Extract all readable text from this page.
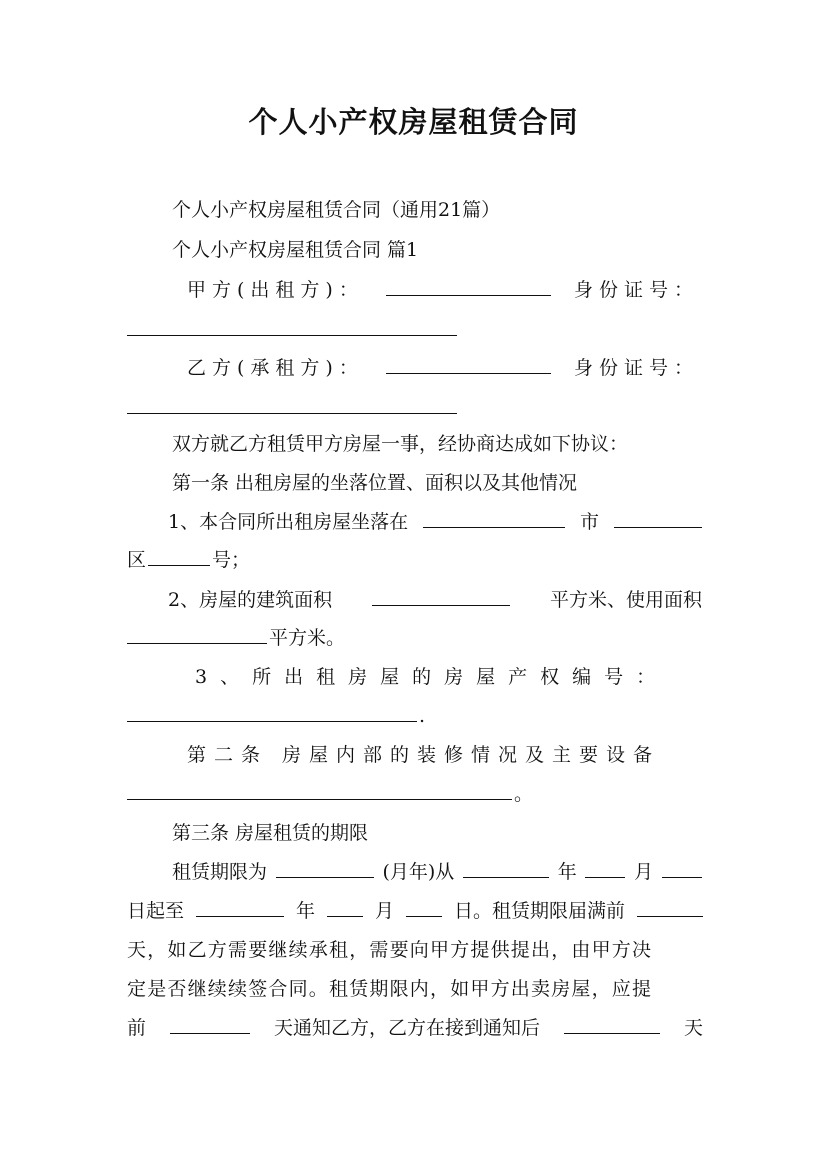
个人小产权房屋租赁合同
个人小产权房屋租赁合同（通用21篇）
个人小产权房屋租赁合同 篇1
甲方(出租方)：	身份证号：
乙方(承租方)：	身份证号：
双方就乙方租赁甲方房屋一事，经协商达成如下协议：
第一条 出租房屋的坐落位置、面积以及其他情况
1、本合同所出租房屋坐落在	市
区	号；
2、房屋的建筑面积	平方米、使用面积
平方米。
3、所出租房屋的房屋产权编号：
.
第二条 房屋内部的装修情况及主要设备
。
第三条 房屋租赁的期限
租赁期限为	(月年)从	年	月
日起至	年	月	日。租赁期限届满前
天，如乙方需要继续承租，需要向甲方提供提出，由甲方决
定是否继续续签合同。租赁期限内，如甲方出卖房屋，应提
前	天通知乙方，乙方在接到通知后	天
